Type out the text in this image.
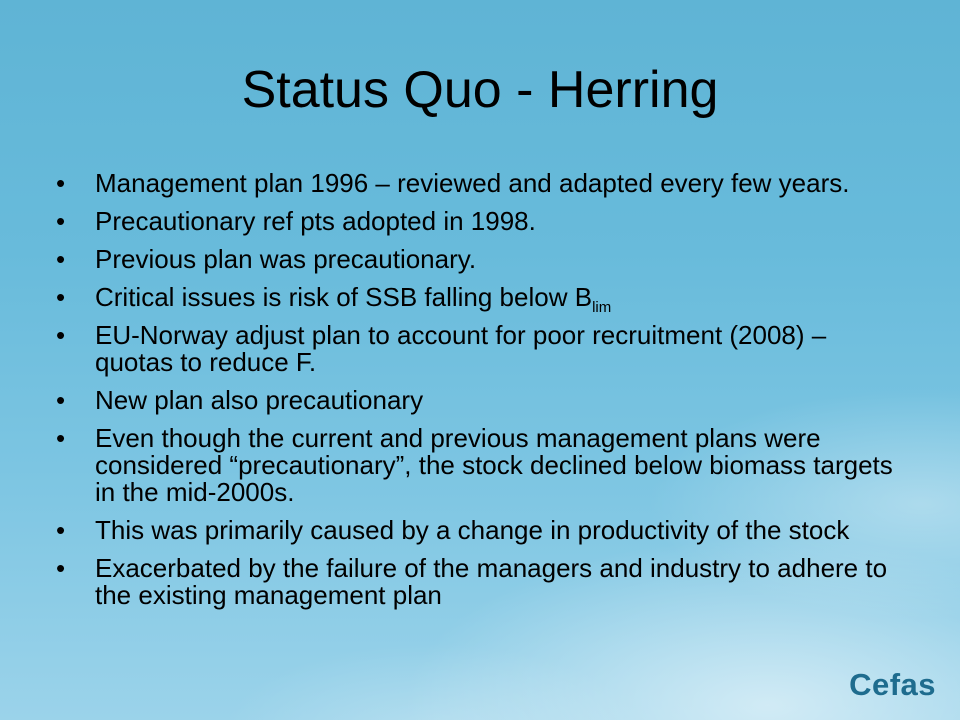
Status Quo - Herring
•	Management plan 1996 – reviewed and adapted every few years.
•	Precautionary ref pts adopted in 1998.
•	Previous plan was precautionary.
•	Critical issues is risk of SSB falling below $B_{lim}$
•	EU-Norway adjust plan to account for poor recruitment (2008) – quotas to reduce F.
•	New plan also precautionary
•	Even though the current and previous management plans were considered “precautionary”, the stock declined below biomass targets in the mid-2000s.
•	This was primarily caused by a change in productivity of the stock
•	Exacerbated by the failure of the managers and industry to adhere to the existing management plan
Cefas
